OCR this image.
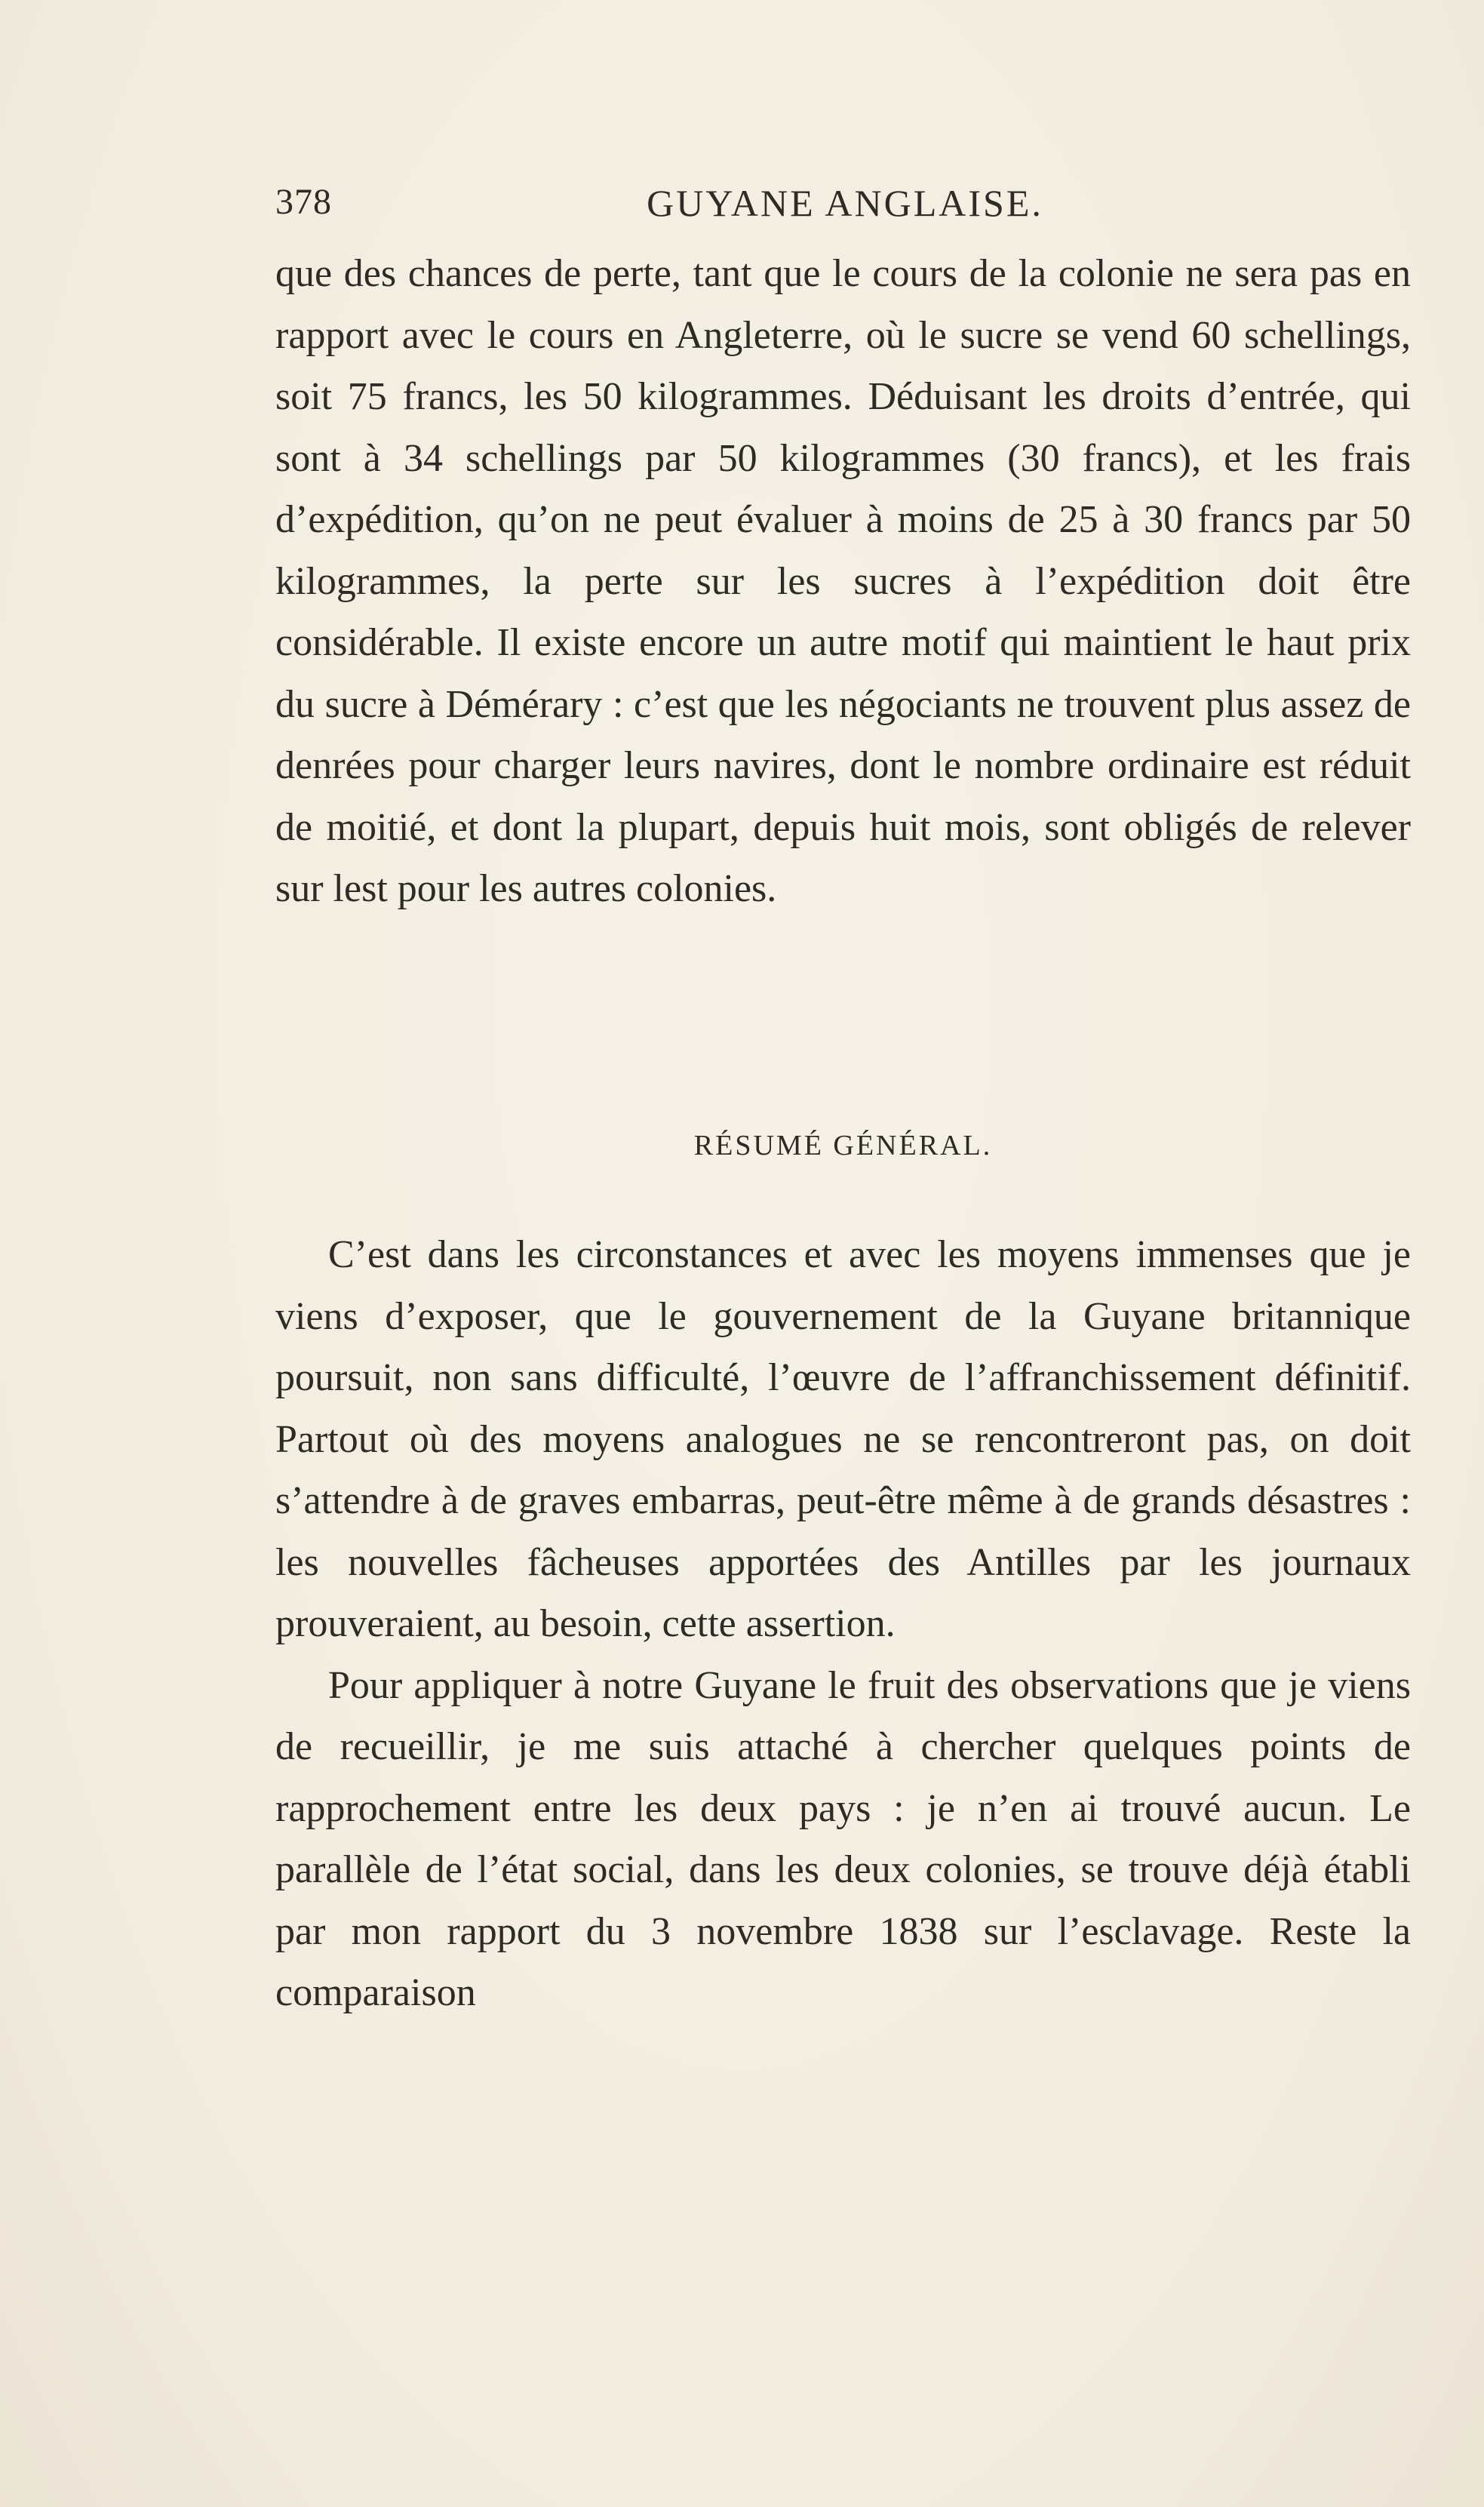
378	GUYANE ANGLAISE.

que des chances de perte, tant que le cours de la colonie ne sera pas en rapport avec le cours en Angleterre, où le sucre se vend 60 schellings, soit 75 francs, les 50 kilogrammes. Déduisant les droits d’entrée, qui sont à 34 schellings par 50 kilogrammes (30 francs), et les frais d’expédition, qu’on ne peut évaluer à moins de 25 à 30 francs par 50 kilogrammes, la perte sur les sucres à l’expédition doit être considérable. Il existe encore un autre motif qui maintient le haut prix du sucre à Démérary : c’est que les négociants ne trouvent plus assez de denrées pour charger leurs navires, dont le nombre ordinaire est réduit de moitié, et dont la plupart, depuis huit mois, sont obligés de relever sur lest pour les autres colonies.

RÉSUMÉ GÉNÉRAL.

C’est dans les circonstances et avec les moyens immenses que je viens d’exposer, que le gouvernement de la Guyane britannique poursuit, non sans difficulté, l’œuvre de l’affranchissement définitif. Partout où des moyens analogues ne se rencontreront pas, on doit s’attendre à de graves embarras, peut-être même à de grands désastres : les nouvelles fâcheuses apportées des Antilles par les journaux prouveraient, au besoin, cette assertion.

Pour appliquer à notre Guyane le fruit des observations que je viens de recueillir, je me suis attaché à chercher quelques points de rapprochement entre les deux pays : je n’en ai trouvé aucun. Le parallèle de l’état social, dans les deux colonies, se trouve déjà établi par mon rapport du 3 novembre 1838 sur l’esclavage. Reste la comparaison
